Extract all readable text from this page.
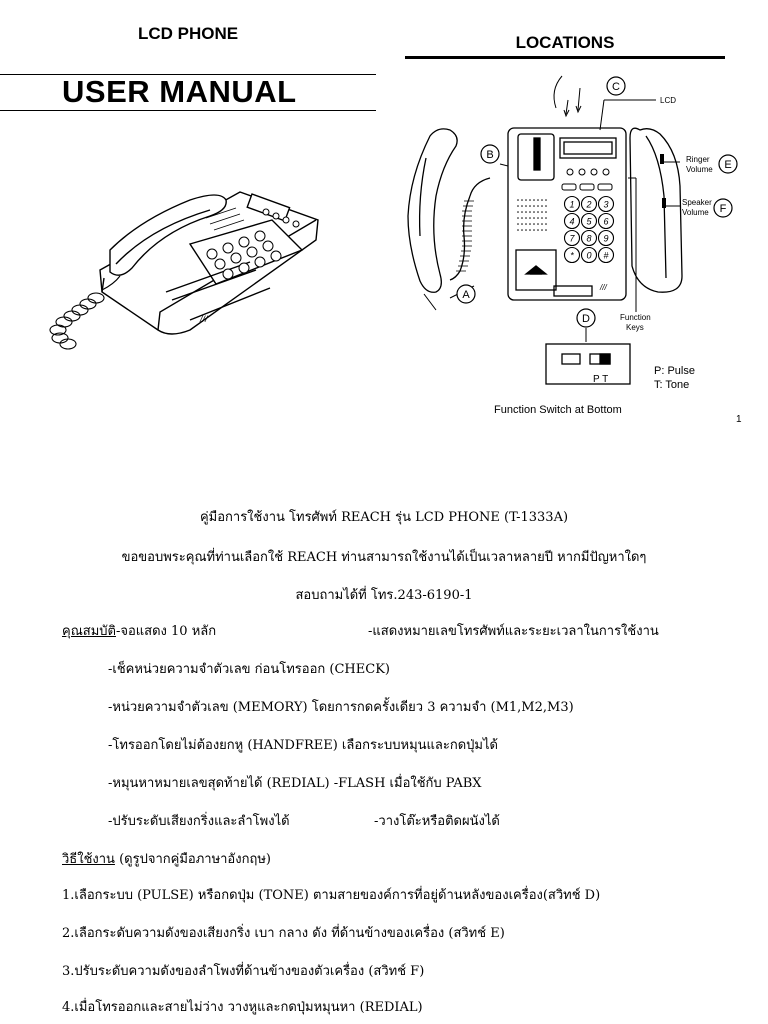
LCD PHONE	LOCATIONS
USER MANUAL
///
1 2 3
4 5 6
7 8 9
* 0 #
B
C
A
D
E
F
LCD
Ringer
Volume
Speaker
Volume
Function
Keys
P T
///
P: Pulse
T: Tone
Function Switch at Bottom
1
คู่มือการใช้งาน โทรศัพท์ REACH รุ่น LCD PHONE (T-1333A)
ขอขอบพระคุณที่ท่านเลือกใช้ REACH ท่านสามารถใช้งานได้เป็นเวลาหลายปี หากมีปัญหาใดๆ
สอบถามได้ที่ โทร.243-6190-1
คุณสมบัติ-จอแสดง 10 หลัก	-แสดงหมายเลขโทรศัพท์และระยะเวลาในการใช้งาน
-เช็คหน่วยความจำตัวเลข ก่อนโทรออก (CHECK)
-หน่วยความจำตัวเลข (MEMORY) โดยการกดครั้งเดียว 3 ความจำ (M1,M2,M3)
-โทรออกโดยไม่ต้องยกหู (HANDFREE) เลือกระบบหมุนและกดปุ่มได้
-หมุนหาหมายเลขสุดท้ายได้ (REDIAL) -FLASH เมื่อใช้กับ PABX
-ปรับระดับเสียงกริ่งและลำโพงได้	-วางโต๊ะหรือติดผนังได้
วิธีใช้งาน (ดูรูปจากคู่มือภาษาอังกฤษ)
1.เลือกระบบ (PULSE) หรือกดปุ่ม (TONE) ตามสายของค์การที่อยู่ด้านหลังของเครื่อง(สวิทช์ D)
2.เลือกระดับความดังของเสียงกริ่ง เบา กลาง ดัง ที่ด้านข้างของเครื่อง (สวิทช์ E)
3.ปรับระดับความดังของลำโพงที่ด้านข้างของตัวเครื่อง (สวิทช์ F)
4.เมื่อโทรออกและสายไม่ว่าง วางหูและกดปุ่มหมุนหา (REDIAL)
